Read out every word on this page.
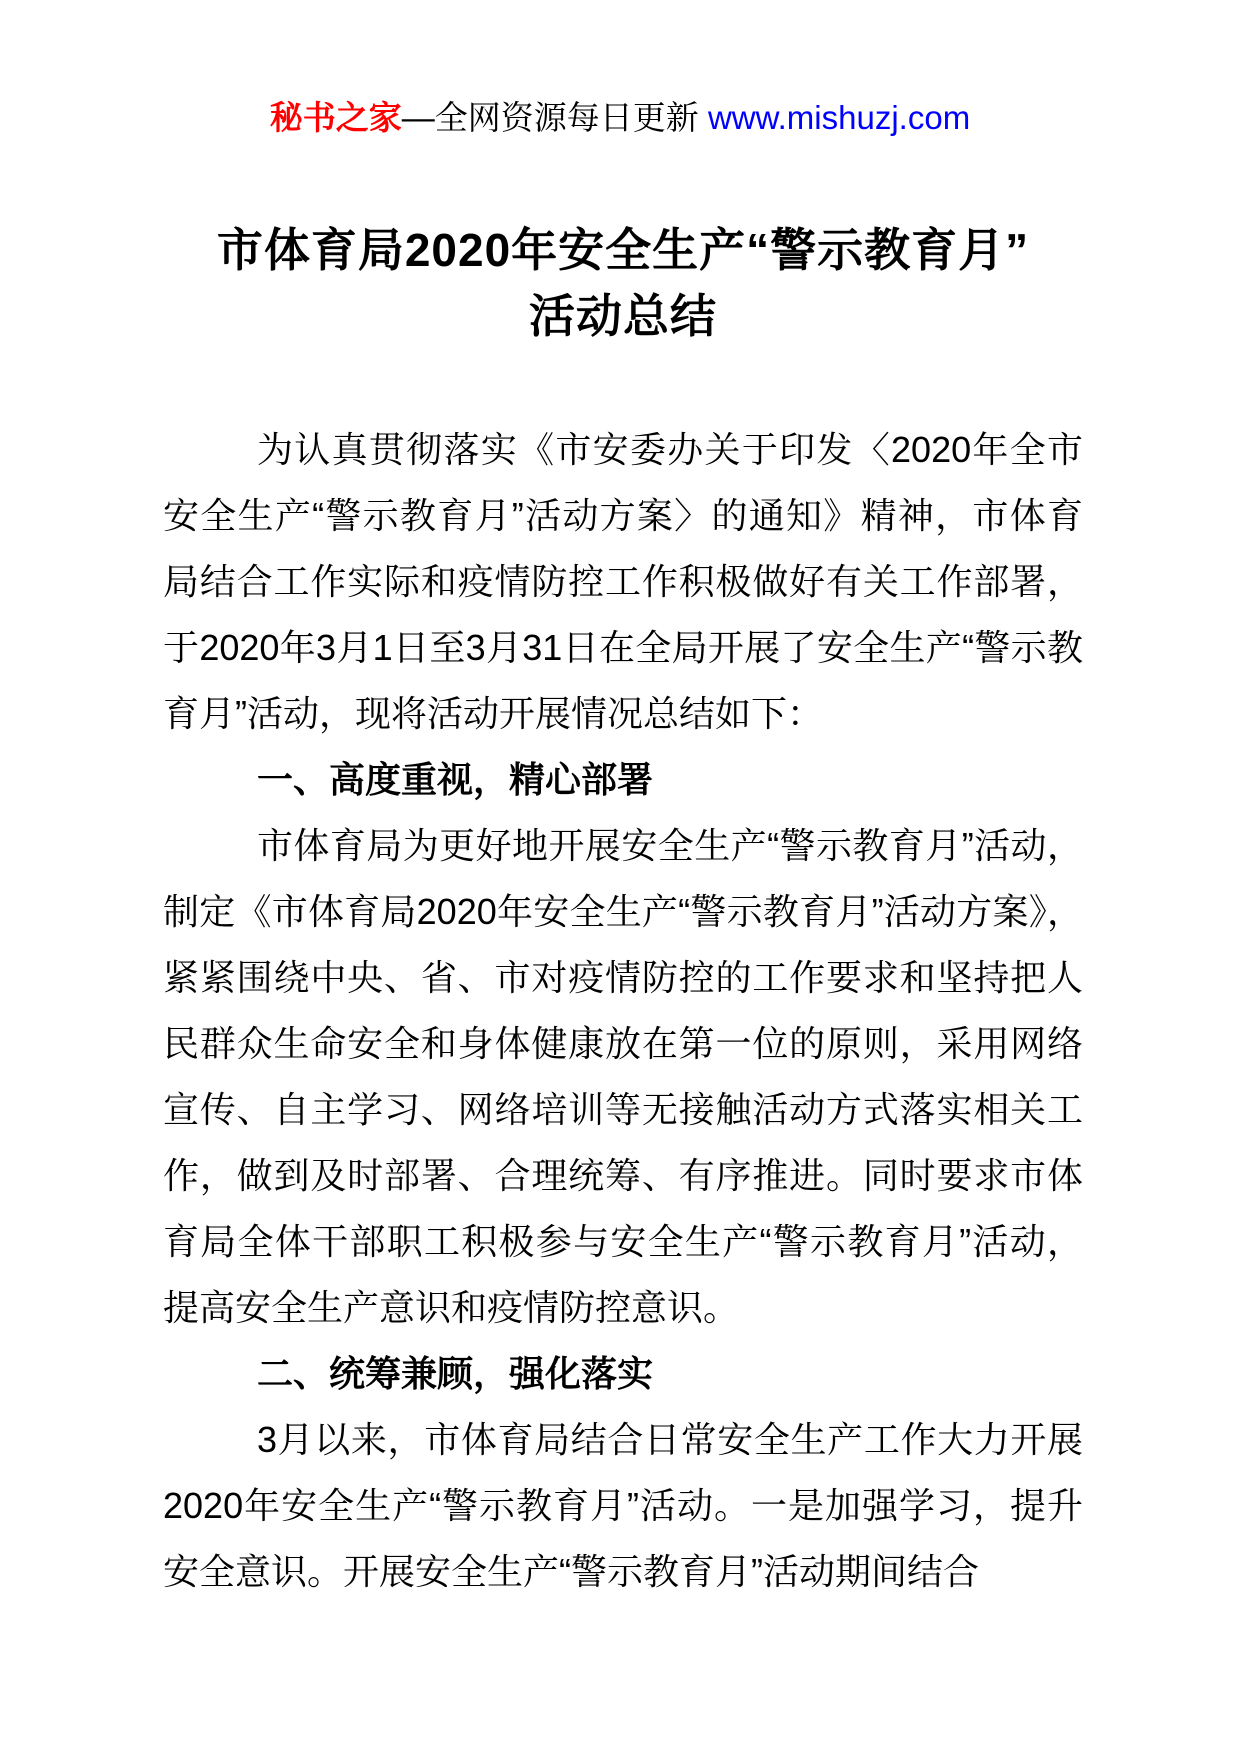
秘书之家—全网资源每日更新 www.mishuzj.com
市体育局2020年安全生产“警示教育月”
活动总结

为认真贯彻落实《市安委办关于印发〈2020年全市安全生产“警示教育月”活动方案〉的通知》精神，市体育局结合工作实际和疫情防控工作积极做好有关工作部署，于2020年3月1日至3月31日在全局开展了安全生产“警示教育月”活动，现将活动开展情况总结如下：

一、高度重视，精心部署

市体育局为更好地开展安全生产“警示教育月”活动，制定《市体育局2020年安全生产“警示教育月”活动方案》，紧紧围绕中央、省、市对疫情防控的工作要求和坚持把人民群众生命安全和身体健康放在第一位的原则，采用网络宣传、自主学习、网络培训等无接触活动方式落实相关工作，做到及时部署、合理统筹、有序推进。同时要求市体育局全体干部职工积极参与安全生产“警示教育月”活动，提高安全生产意识和疫情防控意识。

二、统筹兼顾，强化落实

3月以来，市体育局结合日常安全生产工作大力开展2020年安全生产“警示教育月”活动。一是加强学习，提升安全意识。开展安全生产“警示教育月”活动期间结合
